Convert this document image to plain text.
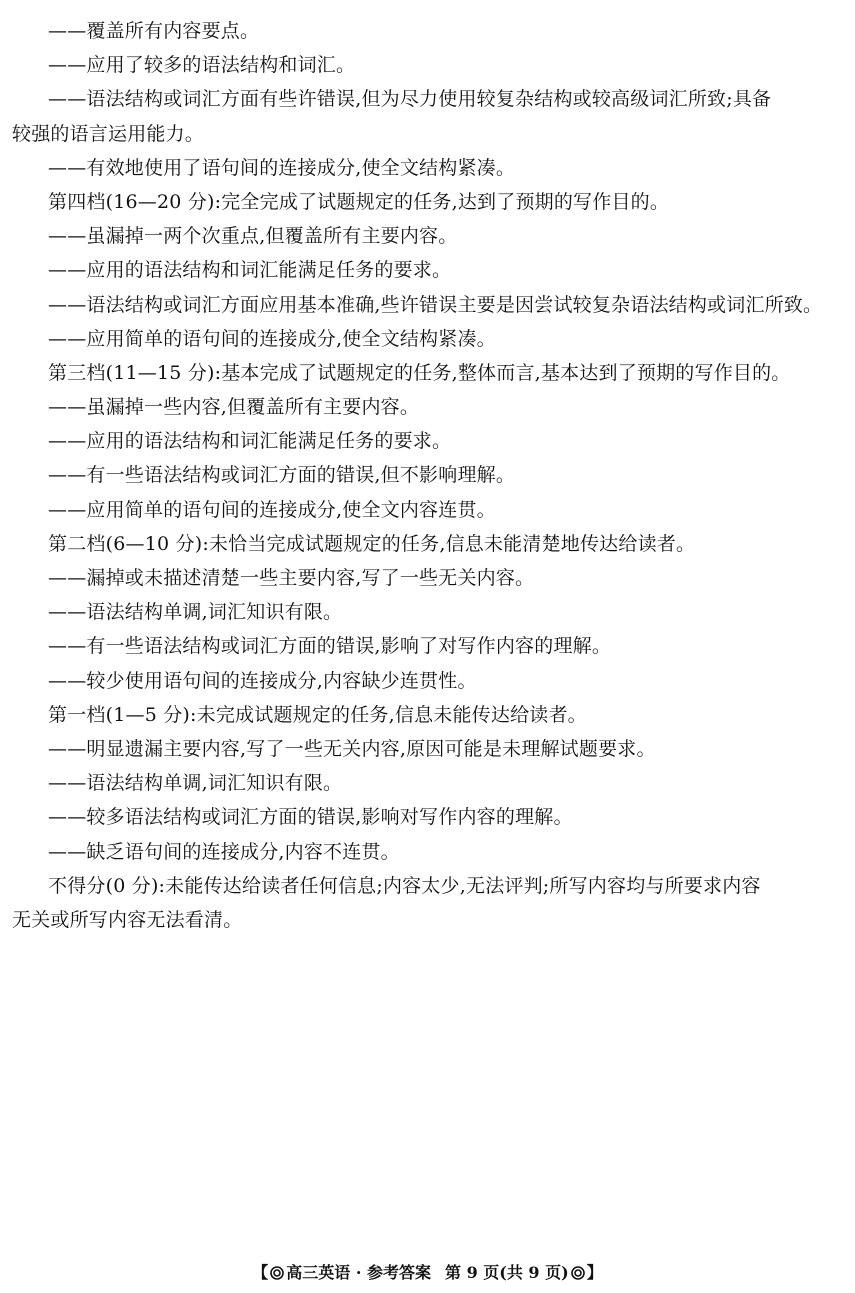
——覆盖所有内容要点。
——应用了较多的语法结构和词汇。
——语法结构或词汇方面有些许错误,但为尽力使用较复杂结构或较高级词汇所致;具备
较强的语言运用能力。
——有效地使用了语句间的连接成分,使全文结构紧凑。
第四档(16—20 分):完全完成了试题规定的任务,达到了预期的写作目的。
——虽漏掉一两个次重点,但覆盖所有主要内容。
——应用的语法结构和词汇能满足任务的要求。
——语法结构或词汇方面应用基本准确,些许错误主要是因尝试较复杂语法结构或词汇所致。
——应用简单的语句间的连接成分,使全文结构紧凑。
第三档(11—15 分):基本完成了试题规定的任务,整体而言,基本达到了预期的写作目的。
——虽漏掉一些内容,但覆盖所有主要内容。
——应用的语法结构和词汇能满足任务的要求。
——有一些语法结构或词汇方面的错误,但不影响理解。
——应用简单的语句间的连接成分,使全文内容连贯。
第二档(6—10 分):未恰当完成试题规定的任务,信息未能清楚地传达给读者。
——漏掉或未描述清楚一些主要内容,写了一些无关内容。
——语法结构单调,词汇知识有限。
——有一些语法结构或词汇方面的错误,影响了对写作内容的理解。
——较少使用语句间的连接成分,内容缺少连贯性。
第一档(1—5 分):未完成试题规定的任务,信息未能传达给读者。
——明显遗漏主要内容,写了一些无关内容,原因可能是未理解试题要求。
——语法结构单调,词汇知识有限。
——较多语法结构或词汇方面的错误,影响对写作内容的理解。
——缺乏语句间的连接成分,内容不连贯。
不得分(0 分):未能传达给读者任何信息;内容太少,无法评判;所写内容均与所要求内容
无关或所写内容无法看清。
【 高三英语 · 参考答案 第 9 页(共 9 页) 】
